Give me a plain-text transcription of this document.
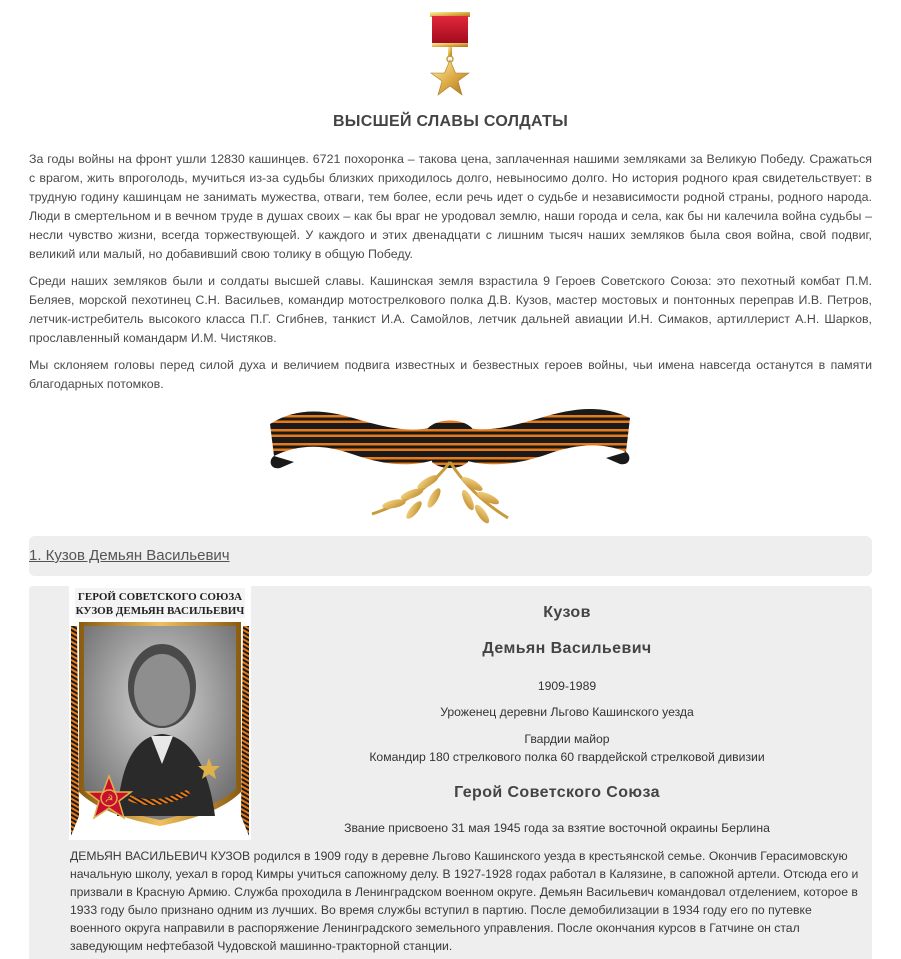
ВЫСШЕЙ СЛАВЫ СОЛДАТЫ

За годы войны на фронт ушли 12830 кашинцев. 6721 похоронка – такова цена, заплаченная нашими земляками за Великую Победу. Сражаться с врагом, жить впроголодь, мучиться из-за судьбы близких приходилось долго, невыносимо долго. Но история родного края свидетельствует: в трудную годину кашинцам не занимать мужества, отваги, тем более, если речь идет о судьбе и независимости родной страны, родного народа. Люди в смертельном и в вечном труде в душах своих – как бы враг не уродовал землю, наши города и села, как бы ни калечила война судьбы – несли чувство жизни, всегда торжествующей. У каждого и этих двенадцати с лишним тысяч наших земляков была своя война, свой подвиг, великий или малый, но добавивший свою толику в общую Победу.

Среди наших земляков были и солдаты высшей славы. Кашинская земля взрастила 9 Героев Советского Союза: это пехотный комбат П.М. Беляев, морской пехотинец С.Н. Васильев, командир мотострелкового полка Д.В. Кузов, мастер мостовых и понтонных переправ И.В. Петров, летчик-истребитель высокого класса П.Г. Сгибнев, танкист И.А. Самойлов, летчик дальней авиации И.Н. Симаков, артиллерист А.Н. Шарков, прославленный командарм И.М. Чистяков.

Мы склоняем головы перед силой духа и величием подвига известных и безвестных героев войны, чьи имена навсегда останутся в памяти благодарных потомков.

1. Кузов Демьян Васильевич
ГЕРОЙ СОВЕТСКОГО СОЮЗА
КУЗОВ ДЕМЬЯН ВАСИЛЬЕВИЧ
☭
Кузов
Демьян Васильевич
1909-1989
Уроженец деревни Льгово Кашинского уезда
Гвардии майор
Командир 180 стрелкового полка 60 гвардейской стрелковой дивизии
Герой Советского Союза
Звание присвоено 31 мая 1945 года за взятие восточной окраины Берлина
ДЕМЬЯН ВАСИЛЬЕВИЧ КУЗОВ родился в 1909 году в деревне Льгово Кашинского уезда в крестьянской семье. Окончив Герасимовскую начальную школу, уехал в город Кимры учиться сапожному делу. В 1927-1928 годах работал в Калязине, в сапожной артели. Отсюда его и призвали в Красную Армию. Служба проходила в Ленинградском военном округе. Демьян Васильевич командовал отделением, которое в 1933 году было признано одним из лучших. Во время службы вступил в партию. После демобилизации в 1934 году его по путевке военного округа направили в распоряжение Ленинградского земельного управления. После окончания курсов в Гатчине он стал заведующим нефтебазой Чудовской машинно-тракторной станции.
